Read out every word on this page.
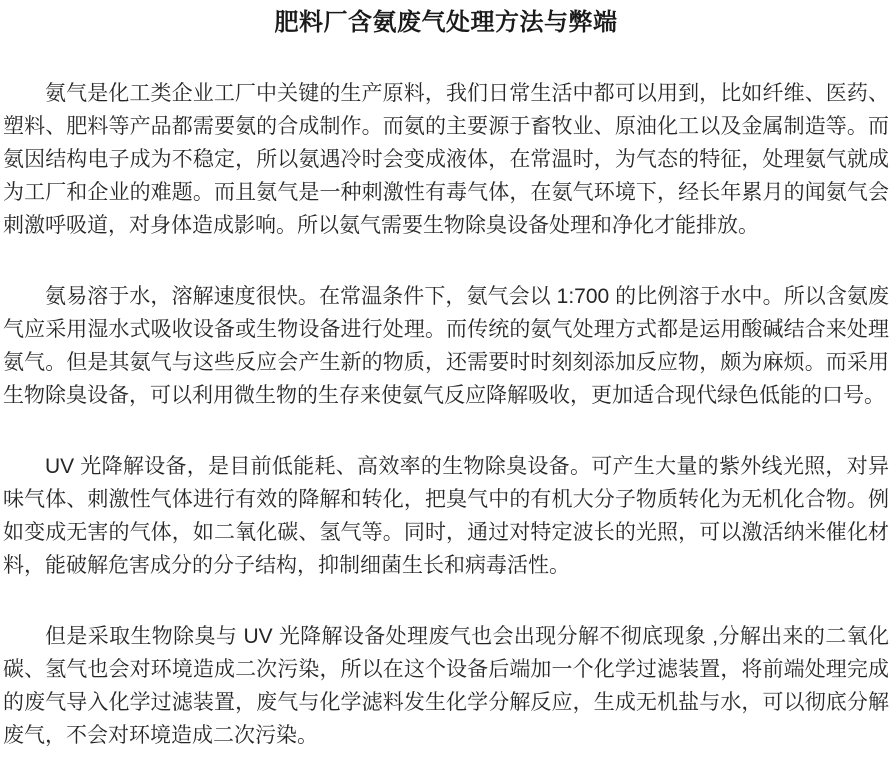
肥料厂含氨废气处理方法与弊端

氨气是化工类企业工厂中关键的生产原料，我们日常生活中都可以用到，比如纤维、医药、塑料、肥料等产品都需要氨的合成制作。而氨的主要源于畜牧业、原油化工以及金属制造等。而氨因结构电子成为不稳定，所以氨遇冷时会变成液体，在常温时，为气态的特征，处理氨气就成为工厂和企业的难题。而且氨气是一种刺激性有毒气体，在氨气环境下，经长年累月的闻氨气会刺激呼吸道，对身体造成影响。所以氨气需要生物除臭设备处理和净化才能排放。

氨易溶于水，溶解速度很快。在常温条件下，氨气会以 1:700 的比例溶于水中。所以含氨废气应采用湿水式吸收设备或生物设备进行处理。而传统的氨气处理方式都是运用酸碱结合来处理氨气。但是其氨气与这些反应会产生新的物质，还需要时时刻刻添加反应物，颇为麻烦。而采用生物除臭设备，可以利用微生物的生存来使氨气反应降解吸收，更加适合现代绿色低能的口号。

UV 光降解设备，是目前低能耗、高效率的生物除臭设备。可产生大量的紫外线光照，对异味气体、刺激性气体进行有效的降解和转化，把臭气中的有机大分子物质转化为无机化合物。例如变成无害的气体，如二氧化碳、氢气等。同时，通过对特定波长的光照，可以激活纳米催化材料，能破解危害成分的分子结构，抑制细菌生长和病毒活性。

但是采取生物除臭与 UV 光降解设备处理废气也会出现分解不彻底现象 ,分解出来的二氧化碳、氢气也会对环境造成二次污染，所以在这个设备后端加一个化学过滤装置，将前端处理完成的废气导入化学过滤装置，废气与化学滤料发生化学分解反应，生成无机盐与水，可以彻底分解废气，不会对环境造成二次污染。
